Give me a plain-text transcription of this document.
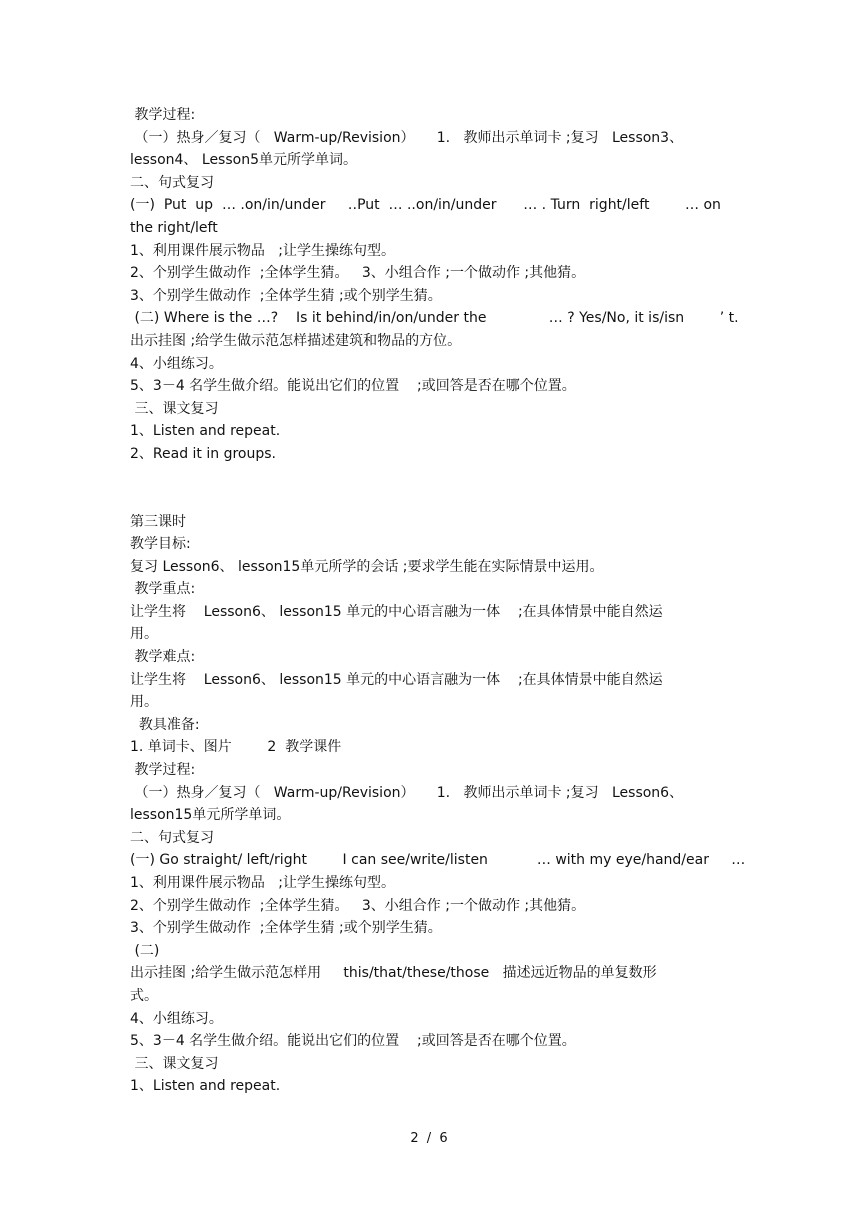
教学过程:
（一）热身／复习（   Warm-up/Revision）     1.   教师出示单词卡 ;复习   Lesson3、
lesson4、 Lesson5单元所学单词。
二、句式复习
(一)  Put  up  … .on/in/under     ‥Put  … ..on/in/under      … . Turn  right/left        … on
the right/left
1、利用课件展示物品   ;让学生操练句型。
2、个别学生做动作  ;全体学生猜。   3、小组合作 ;一个做动作 ;其他猜。
3、个别学生做动作  ;全体学生猜 ;或个别学生猜。
(二) Where is the …?    Is it behind/in/on/under the              … ? Yes/No, it is/isn        ’ t.
出示挂图 ;给学生做示范怎样描述建筑和物品的方位。
4、小组练习。
5、3－4 名学生做介绍。能说出它们的位置    ;或回答是否在哪个位置。
三、课文复习
1、Listen and repeat.
2、Read it in groups.
第三课时
教学目标:
复习 Lesson6、 lesson15单元所学的会话 ;要求学生能在实际情景中运用。
教学重点:
让学生将    Lesson6、 lesson15 单元的中心语言融为一体    ;在具体情景中能自然运
用。
教学难点:
让学生将    Lesson6、 lesson15 单元的中心语言融为一体    ;在具体情景中能自然运
用。
教具准备:
1. 单词卡、图片        2  教学课件
教学过程:
（一）热身／复习（   Warm-up/Revision）     1.   教师出示单词卡 ;复习   Lesson6、
lesson15单元所学单词。
二、句式复习
(一) Go straight/ left/right        I can see/write/listen           … with my eye/hand/ear     …
1、利用课件展示物品   ;让学生操练句型。
2、个别学生做动作  ;全体学生猜。   3、小组合作 ;一个做动作 ;其他猜。
3、个别学生做动作  ;全体学生猜 ;或个别学生猜。
(二)
出示挂图 ;给学生做示范怎样用     this/that/these/those   描述远近物品的单复数形
式。
4、小组练习。
5、3－4 名学生做介绍。能说出它们的位置    ;或回答是否在哪个位置。
三、课文复习
1、Listen and repeat.
2 / 6
